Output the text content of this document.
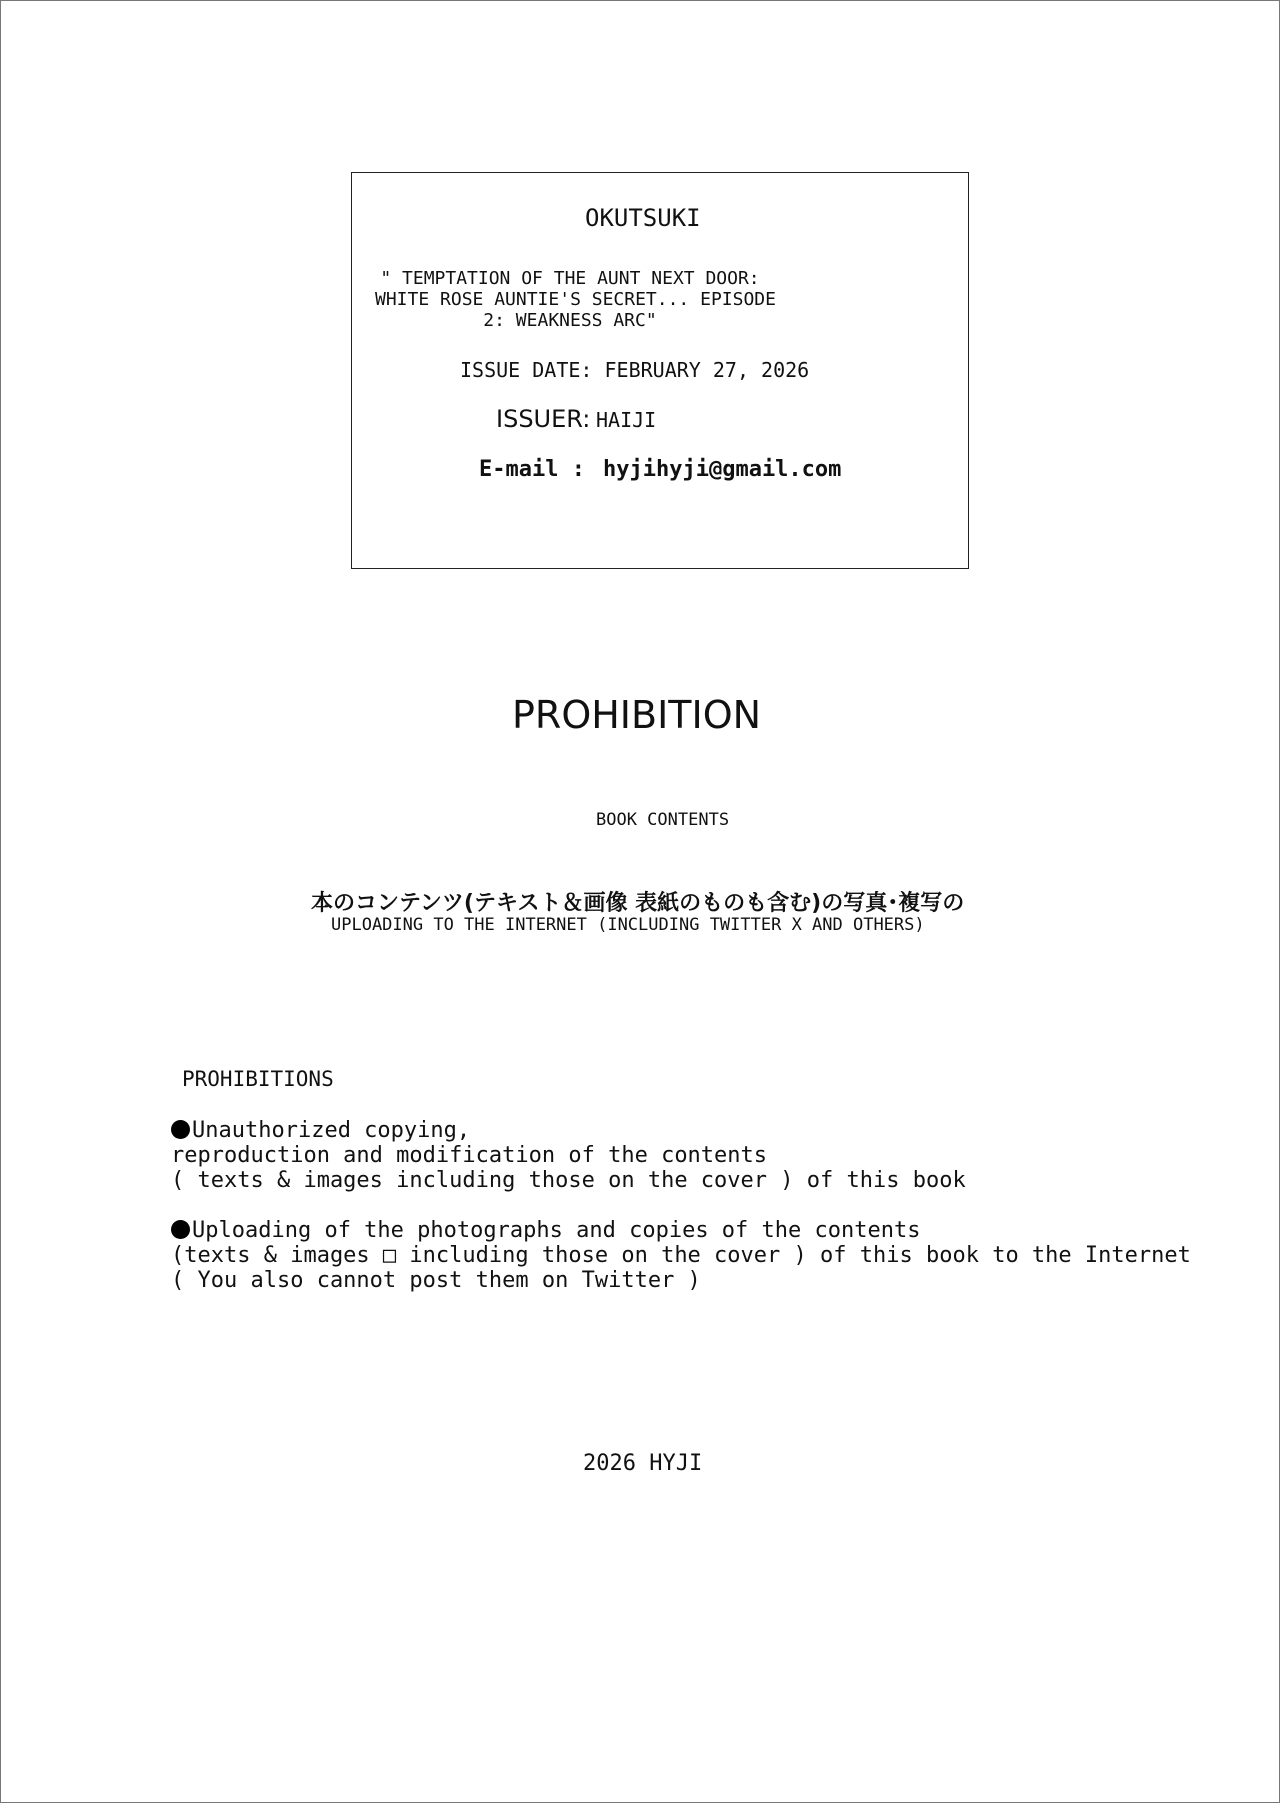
OKUTSUKI
" TEMPTATION OF THE AUNT NEXT DOOR:
WHITE ROSE AUNTIE'S SECRET... EPISODE
2: WEAKNESS ARC"
ISSUE DATE: FEBRUARY 27, 2026
ISSUER: HAIJI
E-mail : hyjihyji@gmail.com
PROHIBITION
BOOK CONTENTS
本のコンテンツ(テキスト＆画像 表紙のものも含む)の写真･複写の
UPLOADING TO THE INTERNET (INCLUDING TWITTER X AND OTHERS)
PROHIBITIONS
Unauthorized copying,
reproduction and modification of the contents
( texts & images including those on the cover ) of this book
Uploading of the photographs and copies of the contents
(texts & images □ including those on the cover ) of this book to the Internet
( You also cannot post them on Twitter )
2026 HYJI
